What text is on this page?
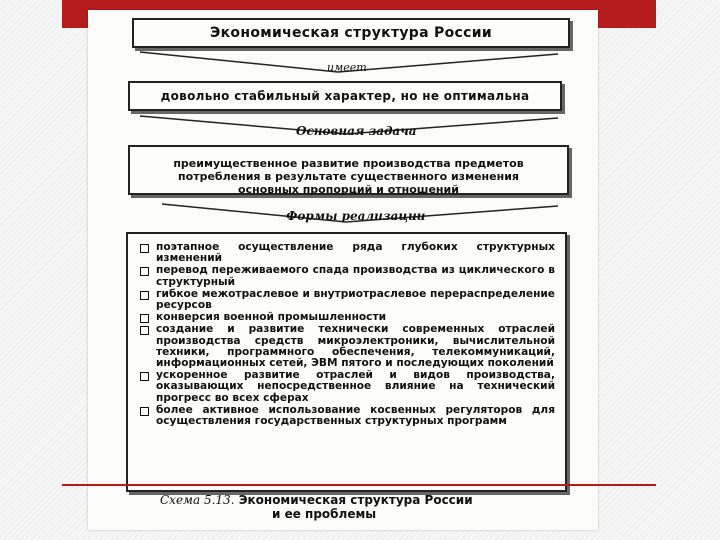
Экономическая структура России
имеет
довольно стабильный характер, но не оптимальна
Основная задача
преимущественное развитие производства предметов
потребления в результате существенного изменения
основных пропорций и отношений
Формы реализации
поэтапное осуществление ряда глубоких структурных изменений
перевод переживаемого спада производства из циклического в структурный
гибкое межотраслевое и внутриотраслевое перераспределение ресурсов
конверсия военной промышленности
создание и развитие технически современных отраслей производства средств микроэлектроники, вычислительной техники, программного обеспечения, телекоммуникаций, информационных сетей, ЭВМ пятого и последующих поколений
ускоренное развитие отраслей и видов производства, оказывающих непосредственное влияние на технический прогресс во всех сферах
более активное использование косвенных регуляторов для осуществления государственных структурных программ
Схема 5.13. Экономическая структура России
и ее проблемы
